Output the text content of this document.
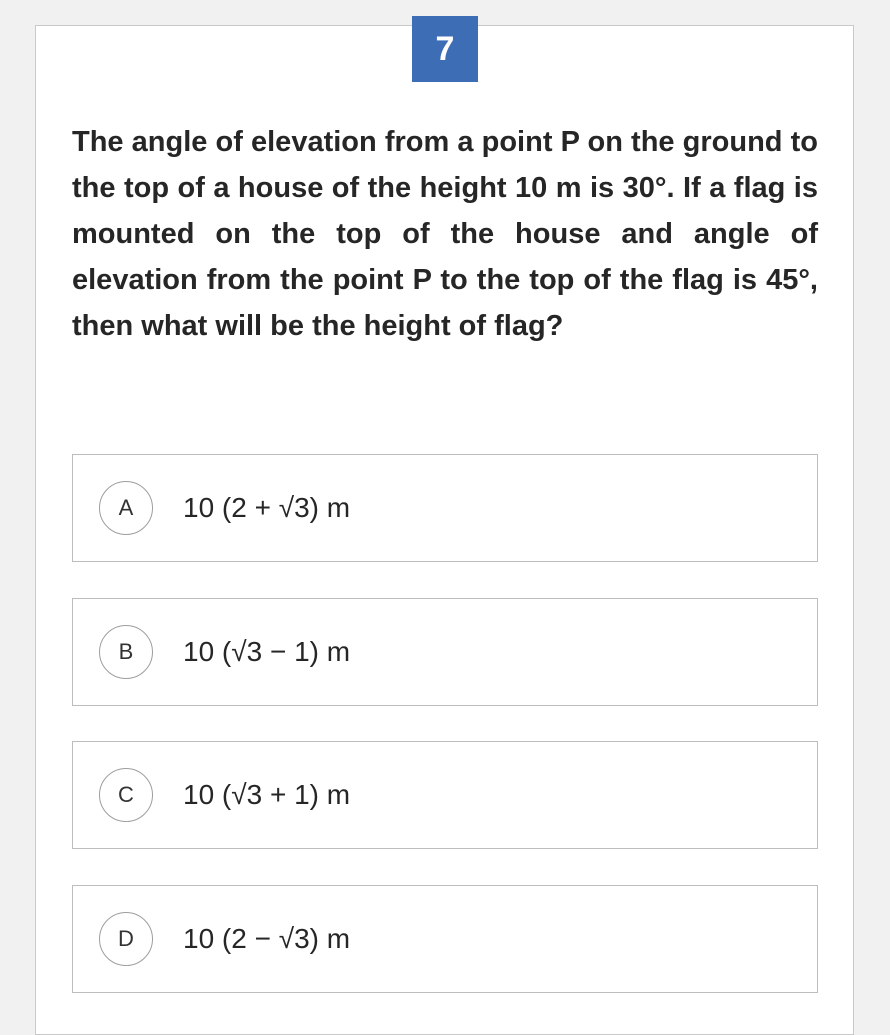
7

The angle of elevation from a point P on the ground to the top of a house of the height 10 m is 30°. If a flag is mounted on the top of the house and angle of elevation from the point P to the top of the flag is 45°, then what will be the height of flag?

A	10 (2 + √3) m
B	10 (√3 − 1) m
C	10 (√3 + 1) m
D	10 (2 − √3) m
